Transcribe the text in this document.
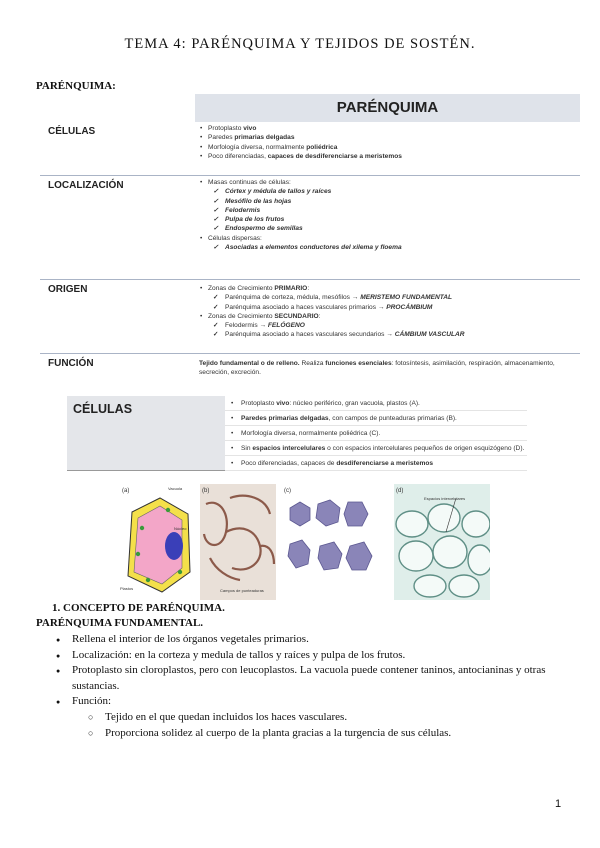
TEMA 4: PARÉNQUIMA Y TEJIDOS DE SOSTÉN.
PARÉNQUIMA:
PARÉNQUIMA
CÉLULAS	• Protoplasto vivo
• Paredes primarias delgadas
• Morfología diversa, normalmente poliédrica
• Poco diferenciadas, capaces de desdiferenciarse a meristemos
LOCALIZACIÓN	• Masas continuas de células:
✓ Córtex y médula de tallos y raíces
✓ Mesófilo de las hojas
✓ Felodermis
✓ Pulpa de los frutos
✓ Endospermo de semillas
• Células dispersas:
✓ Asociadas a elementos conductores del xilema y floema
ORIGEN	• Zonas de Crecimiento PRIMARIO:
✓ Parénquima de corteza, médula, mesófilos → MERISTEMO FUNDAMENTAL
✓ Parénquima asociado a haces vasculares primarios → PROCÁMBIUM
• Zonas de Crecimiento SECUNDARIO:
✓ Felodermis → FELÓGENO
✓ Parénquima asociado a haces vasculares secundarios → CÁMBIUM VASCULAR
FUNCIÓN	Tejido fundamental o de relleno. Realiza funciones esenciales: fotosíntesis, asimilación, respiración, almacenamiento, secreción, excreción.
CÉLULAS	• Protoplasto vivo: núcleo periférico, gran vacuola, plastos (A).
• Paredes primarias delgadas, con campos de punteaduras primarias (B).
• Morfología diversa, normalmente poliédrica (C).
• Sin espacios intercelulares o con espacios intercelulares pequeños de origen esquizógeno (D).
• Poco diferenciadas, capaces de desdiferenciarse a meristemos
(a)	Vacuola
Núcleo
Plastos
(b)
Campos de punteaduras
(c)	(d)
Espacios intercelulares
1. CONCEPTO DE PARÉNQUIMA.
PARÉNQUIMA FUNDAMENTAL.
● Rellena el interior de los órganos vegetales primarios.
● Localización: en la corteza y medula de tallos y raíces y pulpa de los frutos.
● Protoplasto sin cloroplastos, pero con leucoplastos. La vacuola puede contener taninos, antocianinas y otras sustancias.
● Función:
○ Tejido en el que quedan incluidos los haces vasculares.
○ Proporciona solidez al cuerpo de la planta gracias a la turgencia de sus células.
1
